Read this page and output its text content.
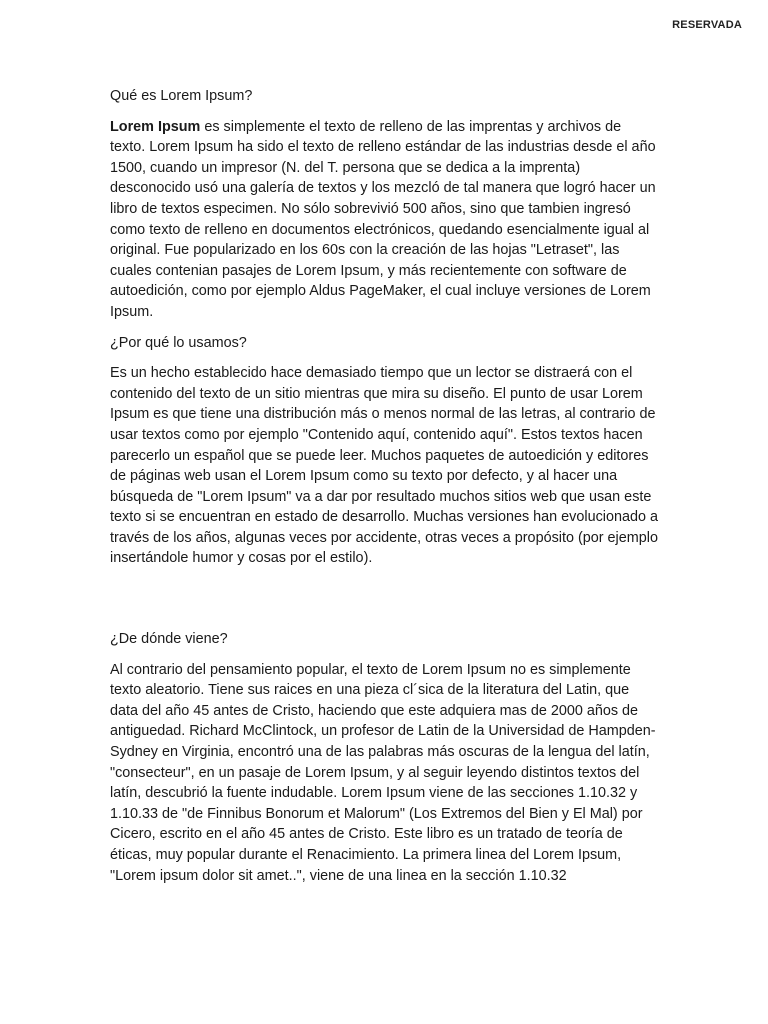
RESERVADA

Qué es Lorem Ipsum?

Lorem Ipsum es simplemente el texto de relleno de las imprentas y archivos de texto. Lorem Ipsum ha sido el texto de relleno estándar de las industrias desde el año 1500, cuando un impresor (N. del T. persona que se dedica a la imprenta) desconocido usó una galería de textos y los mezcló de tal manera que logró hacer un libro de textos especimen. No sólo sobrevivió 500 años, sino que tambien ingresó como texto de relleno en documentos electrónicos, quedando esencialmente igual al original. Fue popularizado en los 60s con la creación de las hojas "Letraset", las cuales contenian pasajes de Lorem Ipsum, y más recientemente con software de autoedición, como por ejemplo Aldus PageMaker, el cual incluye versiones de Lorem Ipsum.

¿Por qué lo usamos?

Es un hecho establecido hace demasiado tiempo que un lector se distraerá con el contenido del texto de un sitio mientras que mira su diseño. El punto de usar Lorem Ipsum es que tiene una distribución más o menos normal de las letras, al contrario de usar textos como por ejemplo "Contenido aquí, contenido aquí". Estos textos hacen parecerlo un español que se puede leer. Muchos paquetes de autoedición y editores de páginas web usan el Lorem Ipsum como su texto por defecto, y al hacer una búsqueda de "Lorem Ipsum" va a dar por resultado muchos sitios web que usan este texto si se encuentran en estado de desarrollo. Muchas versiones han evolucionado a través de los años, algunas veces por accidente, otras veces a propósito (por ejemplo insertándole humor y cosas por el estilo).

¿De dónde viene?

Al contrario del pensamiento popular, el texto de Lorem Ipsum no es simplemente texto aleatorio. Tiene sus raices en una pieza cl´sica de la literatura del Latin, que data del año 45 antes de Cristo, haciendo que este adquiera mas de 2000 años de antiguedad. Richard McClintock, un profesor de Latin de la Universidad de Hampden-Sydney en Virginia, encontró una de las palabras más oscuras de la lengua del latín, "consecteur", en un pasaje de Lorem Ipsum, y al seguir leyendo distintos textos del latín, descubrió la fuente indudable. Lorem Ipsum viene de las secciones 1.10.32 y 1.10.33 de "de Finnibus Bonorum et Malorum" (Los Extremos del Bien y El Mal) por Cicero, escrito en el año 45 antes de Cristo. Este libro es un tratado de teoría de éticas, muy popular durante el Renacimiento. La primera linea del Lorem Ipsum, "Lorem ipsum dolor sit amet..", viene de una linea en la sección 1.10.32
